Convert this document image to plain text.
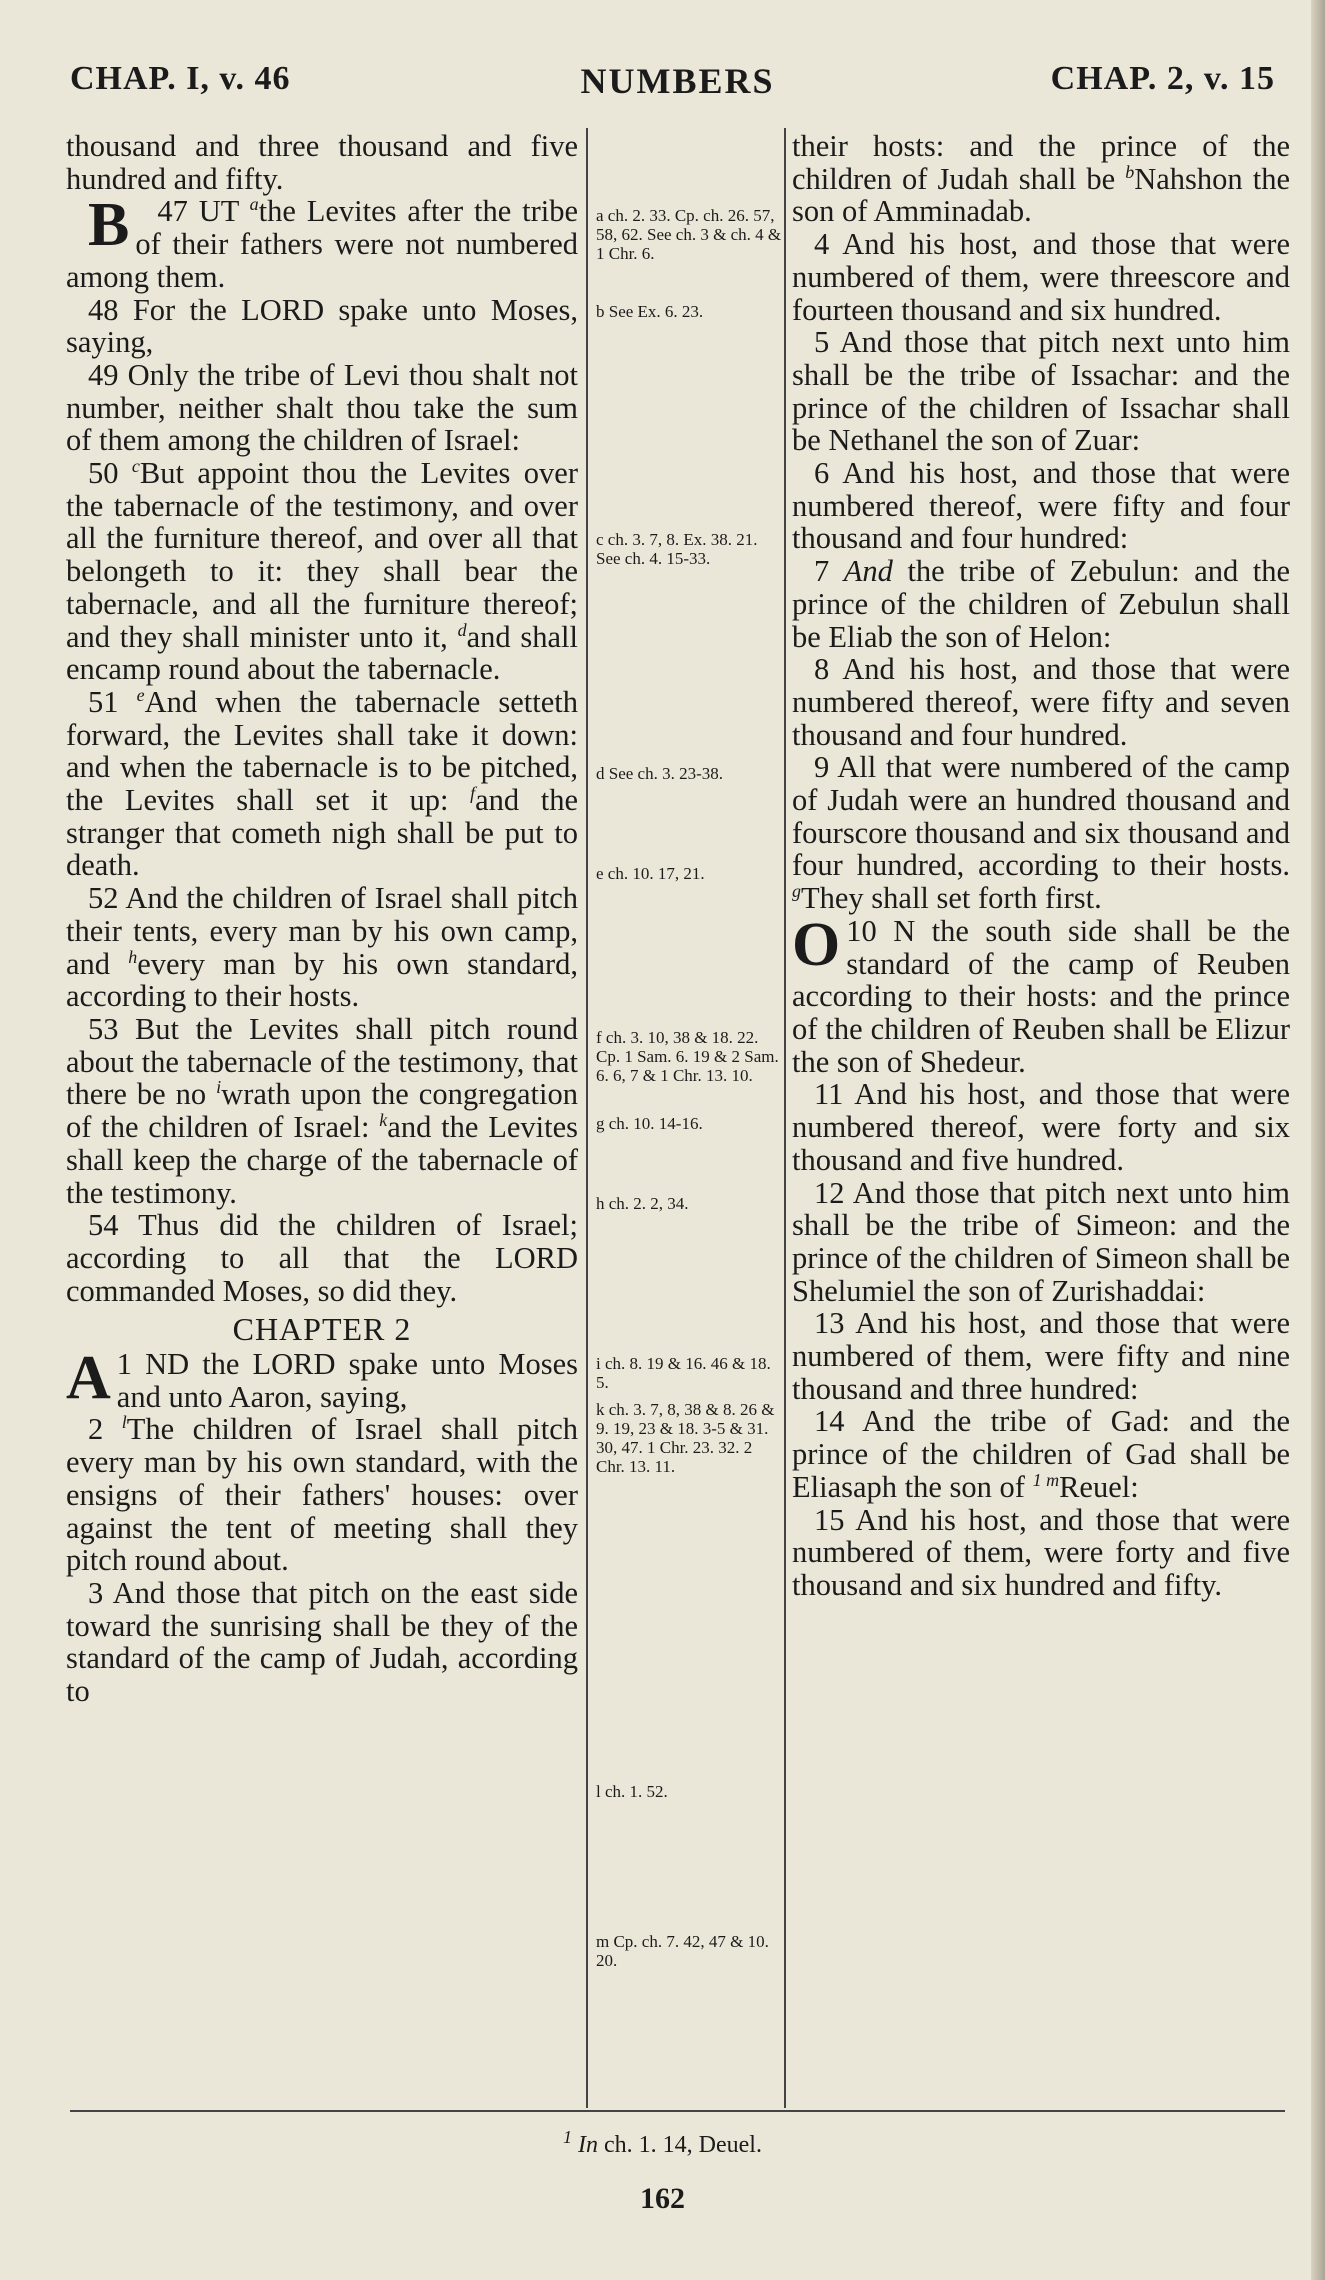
CHAP. I, v. 46	NUMBERS	CHAP. 2, v. 15

thousand and three thousand and five hundred and fifty.

47
B UT $^a$the Levites after the tribe of their fathers were not numbered among them.

48 For the LORD spake unto Moses, saying,

49 Only the tribe of Levi thou shalt not number, neither shalt thou take the sum of them among the children of Israel:

50 $^c$But appoint thou the Levites over the tabernacle of the testimony, and over all the furniture thereof, and over all that belongeth to it: they shall bear the tabernacle, and all the furniture thereof; and they shall minister unto it, $^d$and shall encamp round about the tabernacle.

51 $^e$And when the tabernacle setteth forward, the Levites shall take it down: and when the tabernacle is to be pitched, the Levites shall set it up: $^f$and the stranger that cometh nigh shall be put to death.

52 And the children of Israel shall pitch their tents, every man by his own camp, and $^h$every man by his own standard, according to their hosts.

53 But the Levites shall pitch round about the tabernacle of the testimony, that there be no $^i$wrath upon the congregation of the children of Israel: $^k$and the Levites shall keep the charge of the tabernacle of the testimony.

54 Thus did the children of Israel; according to all that the LORD commanded Moses, so did they.

CHAPTER 2

1
A ND the LORD spake unto Moses and unto Aaron, saying,

2 $^l$The children of Israel shall pitch every man by his own standard, with the ensigns of their fathers' houses: over against the tent of meeting shall they pitch round about.

3 And those that pitch on the east side toward the sunrising shall be they of the standard of the camp of Judah, according to

a ch. 2. 33. Cp. ch. 26. 57, 58, 62. See ch. 3 & ch. 4 & 1 Chr. 6.
b See Ex. 6. 23.
c ch. 3. 7, 8. Ex. 38. 21. See ch. 4. 15-33.
d See ch. 3. 23-38.
e ch. 10. 17, 21.
f ch. 3. 10, 38 & 18. 22. Cp. 1 Sam. 6. 19 & 2 Sam. 6. 6, 7 & 1 Chr. 13. 10.
g ch. 10. 14-16.
h ch. 2. 2, 34.
i ch. 8. 19 & 16. 46 & 18. 5.
k ch. 3. 7, 8, 38 & 8. 26 & 9. 19, 23 & 18. 3-5 & 31. 30, 47. 1 Chr. 23. 32. 2 Chr. 13. 11.
l ch. 1. 52.
m Cp. ch. 7. 42, 47 & 10. 20.

their hosts: and the prince of the children of Judah shall be $^b$Nahshon the son of Amminadab.

4 And his host, and those that were numbered of them, were threescore and fourteen thousand and six hundred.

5 And those that pitch next unto him shall be the tribe of Issachar: and the prince of the children of Issachar shall be Nethanel the son of Zuar:

6 And his host, and those that were numbered thereof, were fifty and four thousand and four hundred:

7 And the tribe of Zebulun: and the prince of the children of Zebulun shall be Eliab the son of Helon:

8 And his host, and those that were numbered thereof, were fifty and seven thousand and four hundred.

9 All that were numbered of the camp of Judah were an hundred thousand and fourscore thousand and six thousand and four hundred, according to their hosts. $^g$They shall set forth first.

10
O N the south side shall be the standard of the camp of Reuben according to their hosts: and the prince of the children of Reuben shall be Elizur the son of Shedeur.

11 And his host, and those that were numbered thereof, were forty and six thousand and five hundred.

12 And those that pitch next unto him shall be the tribe of Simeon: and the prince of the children of Simeon shall be Shelumiel the son of Zurishaddai:

13 And his host, and those that were numbered of them, were fifty and nine thousand and three hundred:

14 And the tribe of Gad: and the prince of the children of Gad shall be Eliasaph the son of $^{1 m}$Reuel:

15 And his host, and those that were numbered of them, were forty and five thousand and six hundred and fifty.

$^1$ In ch. 1. 14, Deuel.
162
